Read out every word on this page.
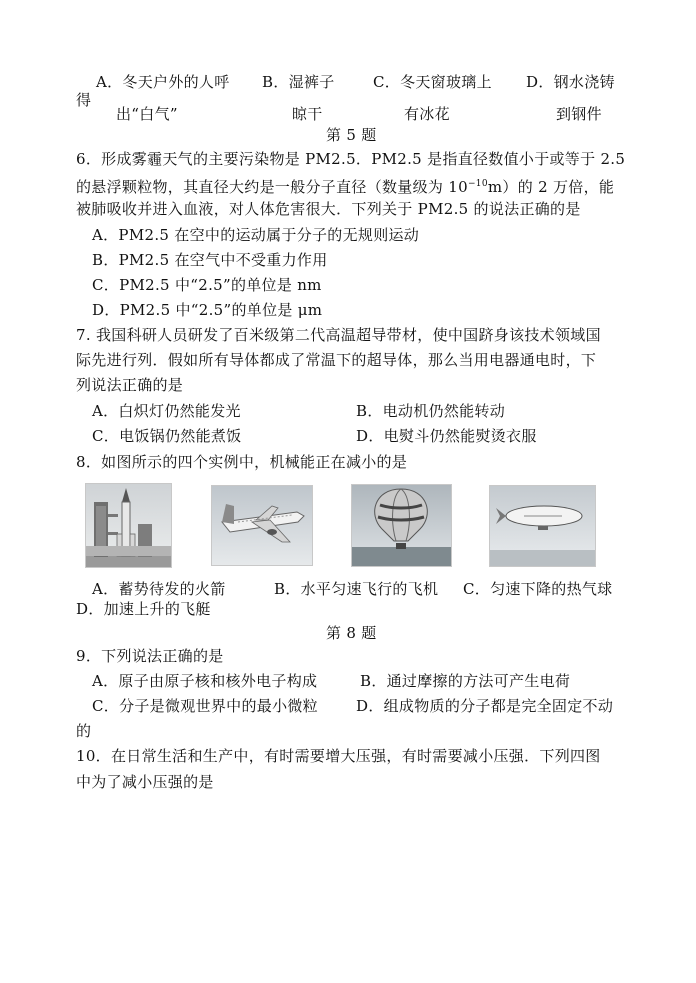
A．冬天户外的人呼
得
出“白气”
B．湿裤子
晾干
C．冬天窗玻璃上
有冰花
D．钢水浇铸
到钢件
第 5 题
6．形成雾霾天气的主要污染物是 PM2.5．PM2.5 是指直径数值小于或等于 2.5
的悬浮颗粒物，其直径大约是一般分子直径（数量级为 $10^{-10}m$）的 2 万倍，能
被肺吸收并进入血液，对人体危害很大．下列关于 PM2.5 的说法正确的是
A．PM2.5 在空中的运动属于分子的无规则运动
B．PM2.5 在空气中不受重力作用
C．PM2.5 中“2.5”的单位是 nm
D．PM2.5 中“2.5”的单位是 μm
7. 我国科研人员研发了百米级第二代高温超导带材，使中国跻身该技术领域国
际先进行列．假如所有导体都成了常温下的超导体，那么当用电器通电时，下
列说法正确的是
A．白炽灯仍然能发光	B．电动机仍然能转动
C．电饭锅仍然能煮饭	D．电熨斗仍然能熨烫衣服
8．如图所示的四个实例中，机械能正在减小的是
A．蓄势待发的火箭	B．水平匀速飞行的飞机 C．匀速下降的热气球
D．加速上升的飞艇
第 8 题
9．下列说法正确的是
A．原子由原子核和核外电子构成	B．通过摩擦的方法可产生电荷
C．分子是微观世界中的最小微粒	D．组成物质的分子都是完全固定不动
的
10．在日常生活和生产中，有时需要增大压强，有时需要减小压强．下列四图
中为了减小压强的是
